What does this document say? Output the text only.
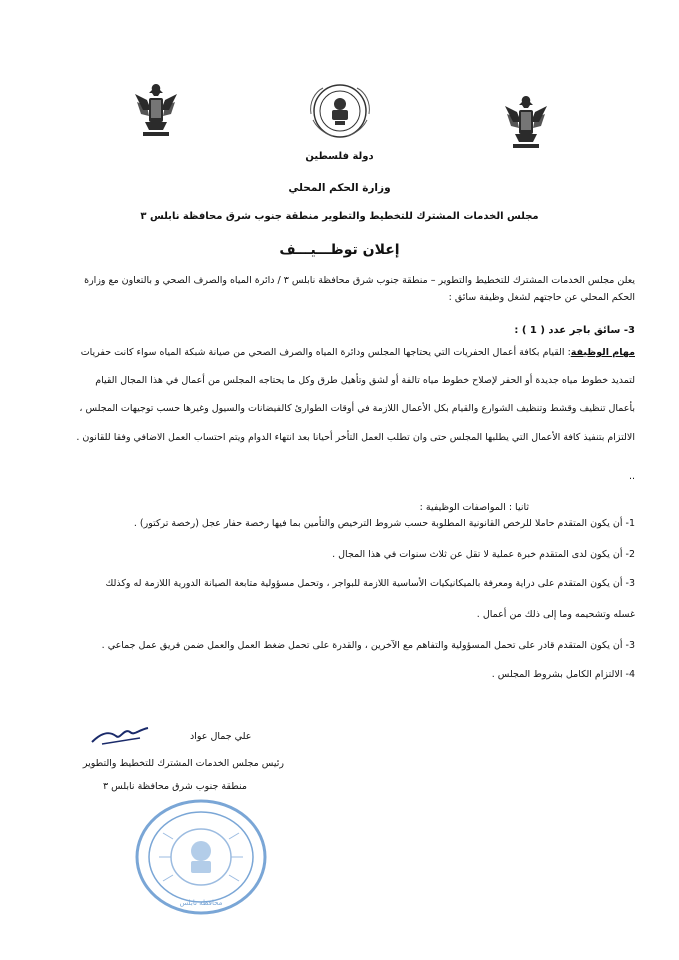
دولة فلسطين
وزارة الحكم المحلي
مجلس الخدمات المشترك للتخطيط والتطوير منطقة جنوب شرق محافظة نابلس ٣
إعلان توظـــيـــف
يعلن مجلس الخدمات المشترك للتخطيط والتطوير – منطقة جنوب شرق محافظة نابلس ٣ / دائرة المياه والصرف الصحي و بالتعاون مع وزارة
الحكم المحلي عن حاجتهم لشغل وظيفة سائق :
3- سائق باجر عدد ( 1 ) :
مهام الوظيفة: القيام بكافة أعمال الحفريات التي يحتاجها المجلس ودائرة المياه والصرف الصحي من صيانة شبكة المياه سواء كانت حفريات
لتمديد خطوط مياه جديدة أو الحفر لإصلاح خطوط مياه تالفة أو لشق وتأهيل طرق وكل ما يحتاجه المجلس من أعمال في هذا المجال القيام
بأعمال تنظيف وقشط وتنظيف الشوارع والقيام بكل الأعمال اللازمة في أوقات الطوارئ كالفيضانات والسيول وغيرها حسب توجيهات المجلس ،
الالتزام بتنفيذ كافة الأعمال التي يطلبها المجلس حتى وان تطلب العمل التأخر أحيانا بعد انتهاء الدوام ويتم احتساب العمل الاضافي وفقا للقانون .
..
ثانيا : المواصفات الوظيفية :
1- أن يكون المتقدم حاملا للرخص القانونية المطلوبة حسب شروط الترخيص والتأمين بما فيها رخصة حفار عجل (رخصة تركتور) .
2- أن يكون لدى المتقدم خبرة عملية لا تقل عن ثلاث سنوات في هذا المجال .
3- أن يكون المتقدم على دراية ومعرفة بالميكانيكيات الأساسية اللازمة للبواجر ، وتحمل مسؤولية متابعة الصيانة الدورية اللازمة له وكذلك
غسله وتشحيمه وما إلى ذلك من أعمال .
3- أن يكون المتقدم قادر على تحمل المسؤولية والتفاهم مع الآخرين ، والقدرة على تحمل ضغط العمل والعمل ضمن فريق عمل جماعي .
4- الالتزام الكامل بشروط المجلس .
علي جمال عواد
رئيس مجلس الخدمات المشترك للتخطيط والتطوير
منطقة جنوب شرق محافظة نابلس ٣
محافظة نابلس
